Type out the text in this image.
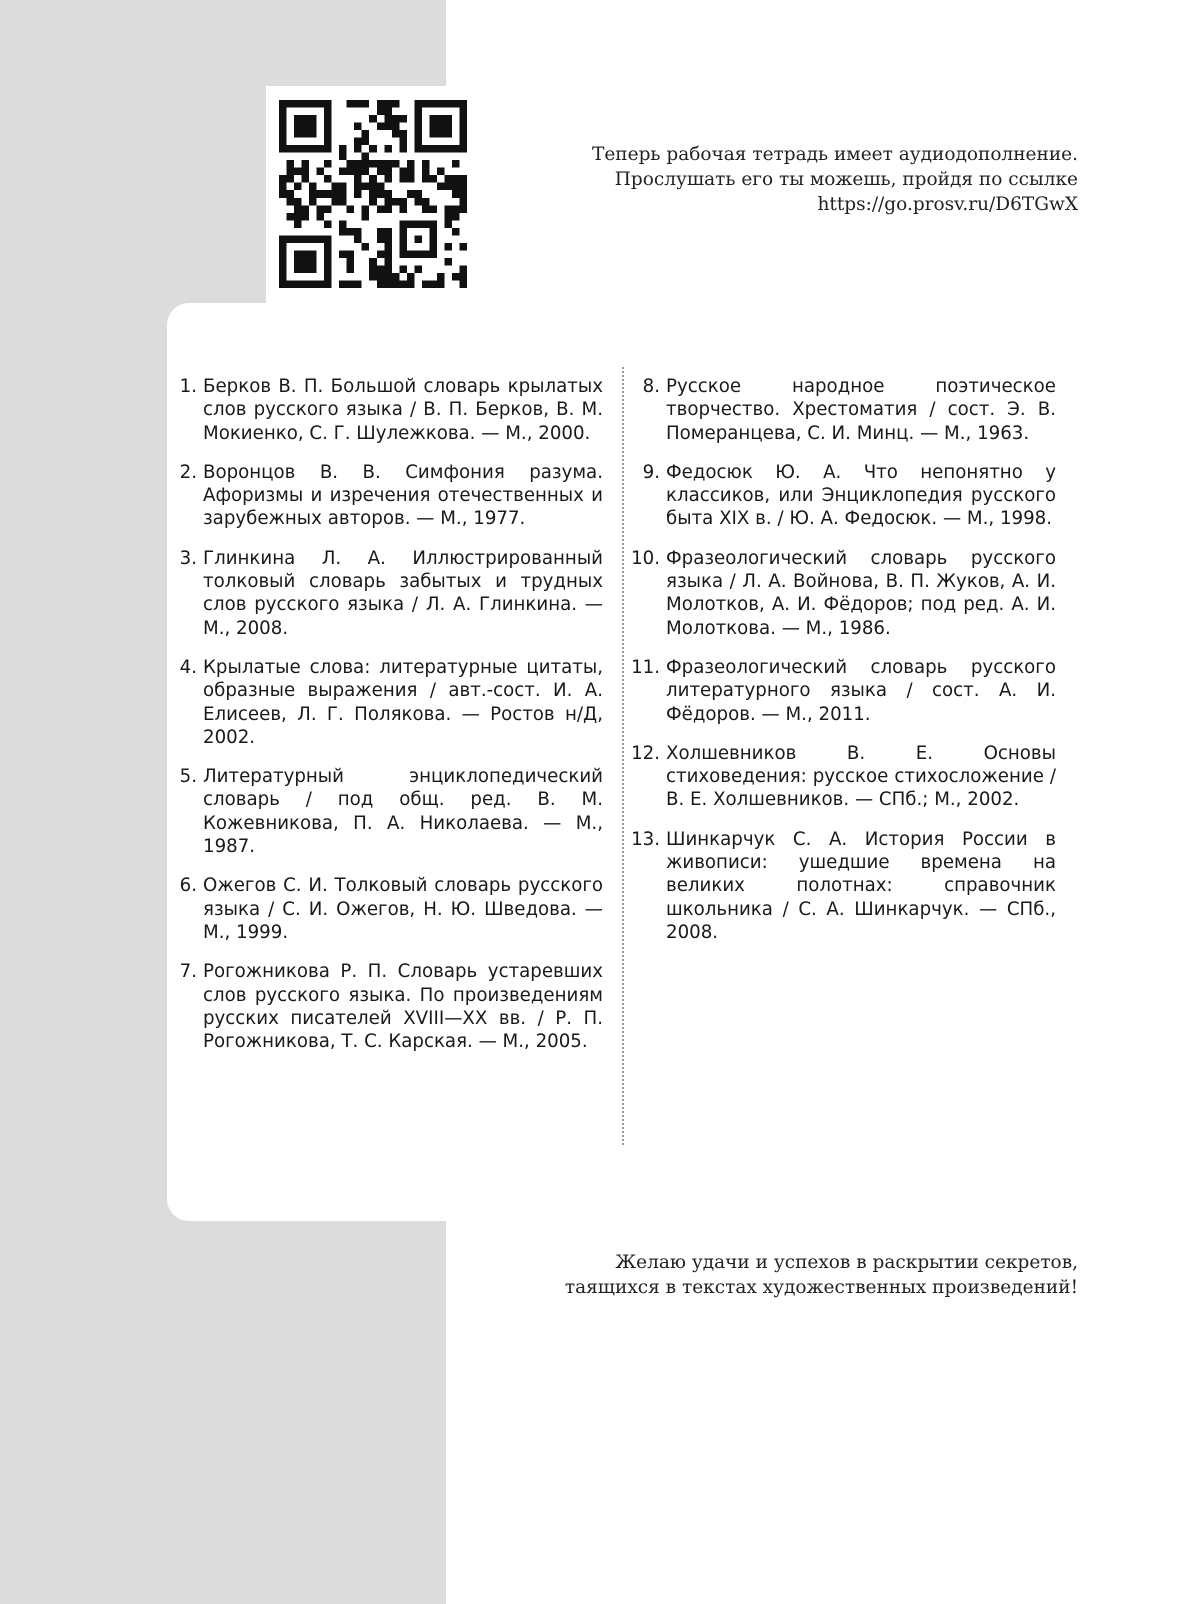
Теперь рабочая тетрадь имеет аудиодополнение.
Прослушать его ты можешь, пройдя по ссылке
https://go.prosv.ru/D6TGwX
1. Берков В. П. Большой словарь крылатых слов русского языка / В. П. Берков, В. М. Мокиенко, С. Г. Шулежкова. — М., 2000.
2. Воронцов В. В. Симфония разума. Афоризмы и изречения отечественных и зарубежных авторов. — М., 1977.
3. Глинкина Л. А. Иллюстрированный толковый словарь забытых и трудных слов русского языка / Л. А. Глинкина. — М., 2008.
4. Крылатые слова: литературные цитаты, образные выражения / авт.-сост. И. А. Елисеев, Л. Г. Полякова. — Ростов н/Д, 2002.
5. Литературный энциклопедический словарь / под общ. ред. В. М. Кожевникова, П. А. Николаева. — М., 1987.
6. Ожегов С. И. Толковый словарь русского языка / С. И. Ожегов, Н. Ю. Шведова. — М., 1999.
7. Рогожникова Р. П. Словарь устаревших слов русского языка. По произведениям русских писателей XVIII—XX вв. / Р. П. Рогожникова, Т. С. Карская. — М., 2005.
8. Русское народное поэтическое творчество. Хрестоматия / сост. Э. В. Померанцева, С. И. Минц. — М., 1963.
9. Федосюк Ю. А. Что непонятно у классиков, или Энциклопедия русского быта XIX в. / Ю. А. Федосюк. — М., 1998.
10. Фразеологический словарь русского языка / Л. А. Войнова, В. П. Жуков, А. И. Молотков, А. И. Фёдоров; под ред. А. И. Молоткова. — М., 1986.
11. Фразеологический словарь русского литературного языка / сост. А. И. Фёдоров. — М., 2011.
12. Холшевников В. Е. Основы стиховедения: русское стихосложение / В. Е. Холшевников. — СПб.; М., 2002.
13. Шинкарчук С. А. История России в живописи: ушедшие времена на великих полотнах: справочник школьника / С. А. Шинкарчук. — СПб., 2008.
Желаю удачи и успехов в раскрытии секретов,
таящихся в текстах художественных произведений!
